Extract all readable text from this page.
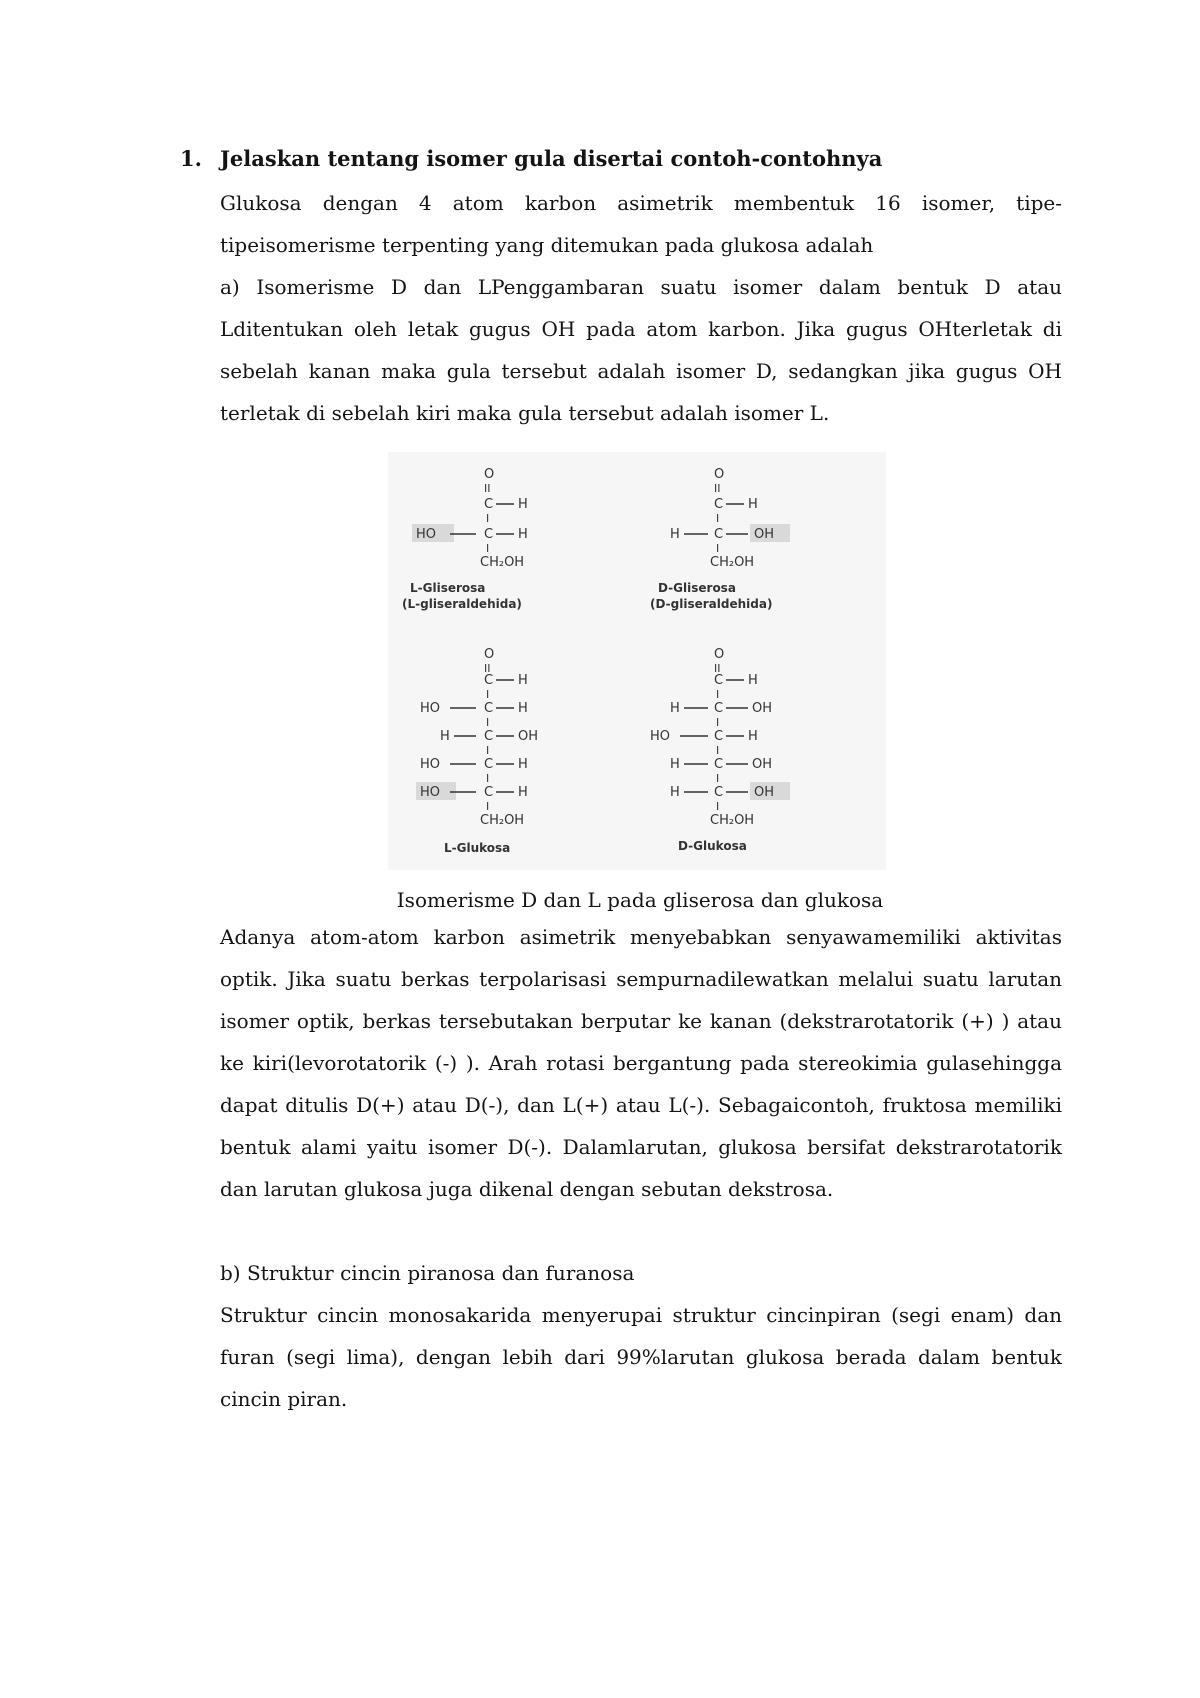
1. Jelaskan tentang isomer gula disertai contoh-contohnya

Glukosa dengan 4 atom karbon asimetrik membentuk 16 isomer, tipe-tipeisomerisme terpenting yang ditemukan pada glukosa adalah

a) Isomerisme D dan LPenggambaran suatu isomer dalam bentuk D atau Lditentukan oleh letak gugus OH pada atom karbon. Jika gugus OHterletak di sebelah kanan maka gula tersebut adalah isomer D, sedangkan jika gugus OH terletak di sebelah kiri maka gula tersebut adalah isomer L.

O
II
C H
I
HO	C H
I
CH₂OH
L-Gliserosa
(L-gliseraldehida)
O
II
C H
I
H	C OH
I
CH₂OH
D-Gliserosa
(D-gliseraldehida)
O
II
C H
I
HO	C H
I
H	C OH
I
HO	C H
I
HO	C H
I
CH₂OH
L-Glukosa
O
II
C H
I
H	C OH
I
HO	C H
I
H	C OH
I
H	C OH
I
CH₂OH
D-Glukosa
Isomerisme D dan L pada gliserosa dan glukosa

Adanya atom-atom karbon asimetrik menyebabkan senyawamemiliki aktivitas optik. Jika suatu berkas terpolarisasi sempurnadilewatkan melalui suatu larutan isomer optik, berkas tersebutakan berputar ke kanan (dekstrarotatorik (+) ) atau ke kiri(levorotatorik (-) ). Arah rotasi bergantung pada stereokimia gulasehingga dapat ditulis D(+) atau D(-), dan L(+) atau L(-). Sebagaicontoh, fruktosa memiliki bentuk alami yaitu isomer D(-). Dalamlarutan, glukosa bersifat dekstrarotatorik dan larutan glukosa juga dikenal dengan sebutan dekstrosa.

b) Struktur cincin piranosa dan furanosa

Struktur cincin monosakarida menyerupai struktur cincinpiran (segi enam) dan furan (segi lima), dengan lebih dari 99%larutan glukosa berada dalam bentuk cincin piran.
